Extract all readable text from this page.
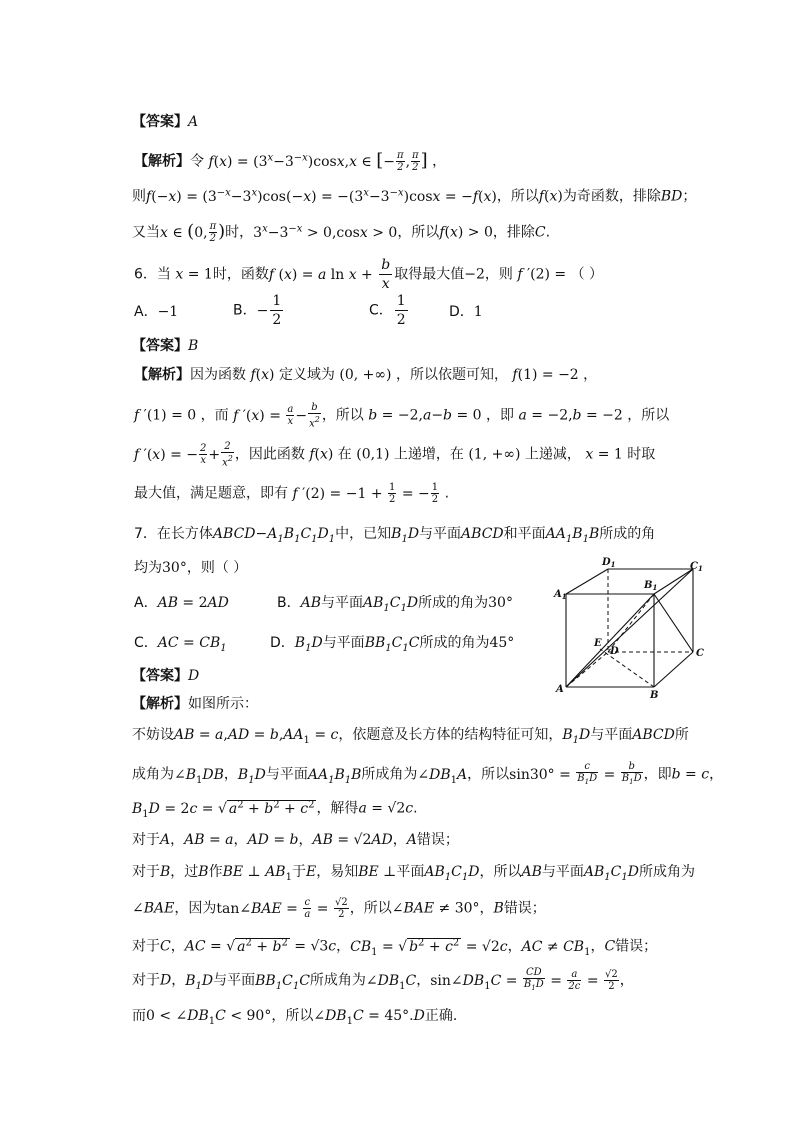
【答案】A
【解析】令 $f(x) = (3^x-3^{-x})\cos x,x$ ∈ [− $\frac{\pi}{2}$ , $\frac{\pi}{2}$ ] ，
则$f(-x) = (3^{-x}-3^x)\cos(-x) = -(3^x-3^{-x})\cos x = -f(x)$，所以f(x)为奇函数，排除BD；
又当x ∈ (0, $\frac{\pi}{2}$ )时，$3^x-3^{-x} > 0,\cos x > 0$，所以f(x) > 0，排除C.
6．当 x = 1时，函数f (x) = a $\ln x + \frac{b}{x}$ 取得最大值−2，则 f ′(2) = （ ）
A．−1	B．− $\frac{1}{2}$	C． $\frac{1}{2}$	D．1
【答案】B
【解析】因为函数 f(x) 定义域为 (0, +∞) ，所以依题可知， f(1) = −2 ，
f ′(1) = 0 ，而 f $'(x) = \frac{a}{x} - \frac{b}{x^2}$ ，所以 b = −2,a−b = 0 ，即 a = −2,b = −2 ，所以
f ′(x) = − $\frac{2}{x} + \frac{2}{x^2}$ ，因此函数 f(x) 在 (0,1) 上递增，在 (1, +∞) 上递减， x = 1 时取
最大值，满足题意，即有 f $'(2) = -1 + \frac{1}{2}$ = − $\frac{1}{2}$ .
7．在长方体$ABCD-A_1B_1C_1D_1$中，已知$B_1D$与平面ABCD和平面$AA_1B_1B$所成的角
均为30°，则（ ）
A．AB = 2AD	B．AB与平面$AB_1C_1D$所成的角为30°
C．AC = $CB_1$	D．$B_1D$与平面$BB_1C_1C$所成的角为45°
【答案】D
【解析】如图所示：
不妨设AB = $a,AD = b,AA_1 = c$，依题意及长方体的结构特征可知，$B_1D$与平面ABCD所
成角为$\angle B_1DB$，$B_1D$与平面$AA_1B_1B$所成角为$\angle DB_1A$，所以$\sin 30^\circ = \frac{c}{B_1D} = \frac{b}{B_1D}$ ，即b = c，
$B_1D = 2c$ = √ $a^2 + b^2 + c^2$ ，解得a = √2c.
对于A，AB = a，AD = b，AB = √2AD，A错误；
对于B，过B作BE ⊥ $AB_1$于E，易知BE ⊥平面$AB_1C_1D$，所以AB与平面$AB_1C_1D$所成角为
∠BAE，因为tan∠BAE = $\frac{c}{a} = \frac{√2}{2}$ ，所以∠BAE ≠ 30°，B错误；
对于C，AC = √ $a^2 + b^2 = √3c$，$CB_1$ = √ $b^2 + c^2 = √2c$，AC ≠ $CB_1$，C错误；
对于D，$B_1D$与平面$BB_1C_1C$所成角为$\angle DB_1C$，$\sin\angle DB_1C = \frac{CD}{B_1D} = \frac{a}{2c} = \frac{√2}{2}$ ，
而$0 < \angle DB_1C < 90^\circ$，所以$\angle DB_1C = 45^\circ.D$正确.
$D_1$	$C_1$
$A_1$
$B_1$
E
D	C
A
B
